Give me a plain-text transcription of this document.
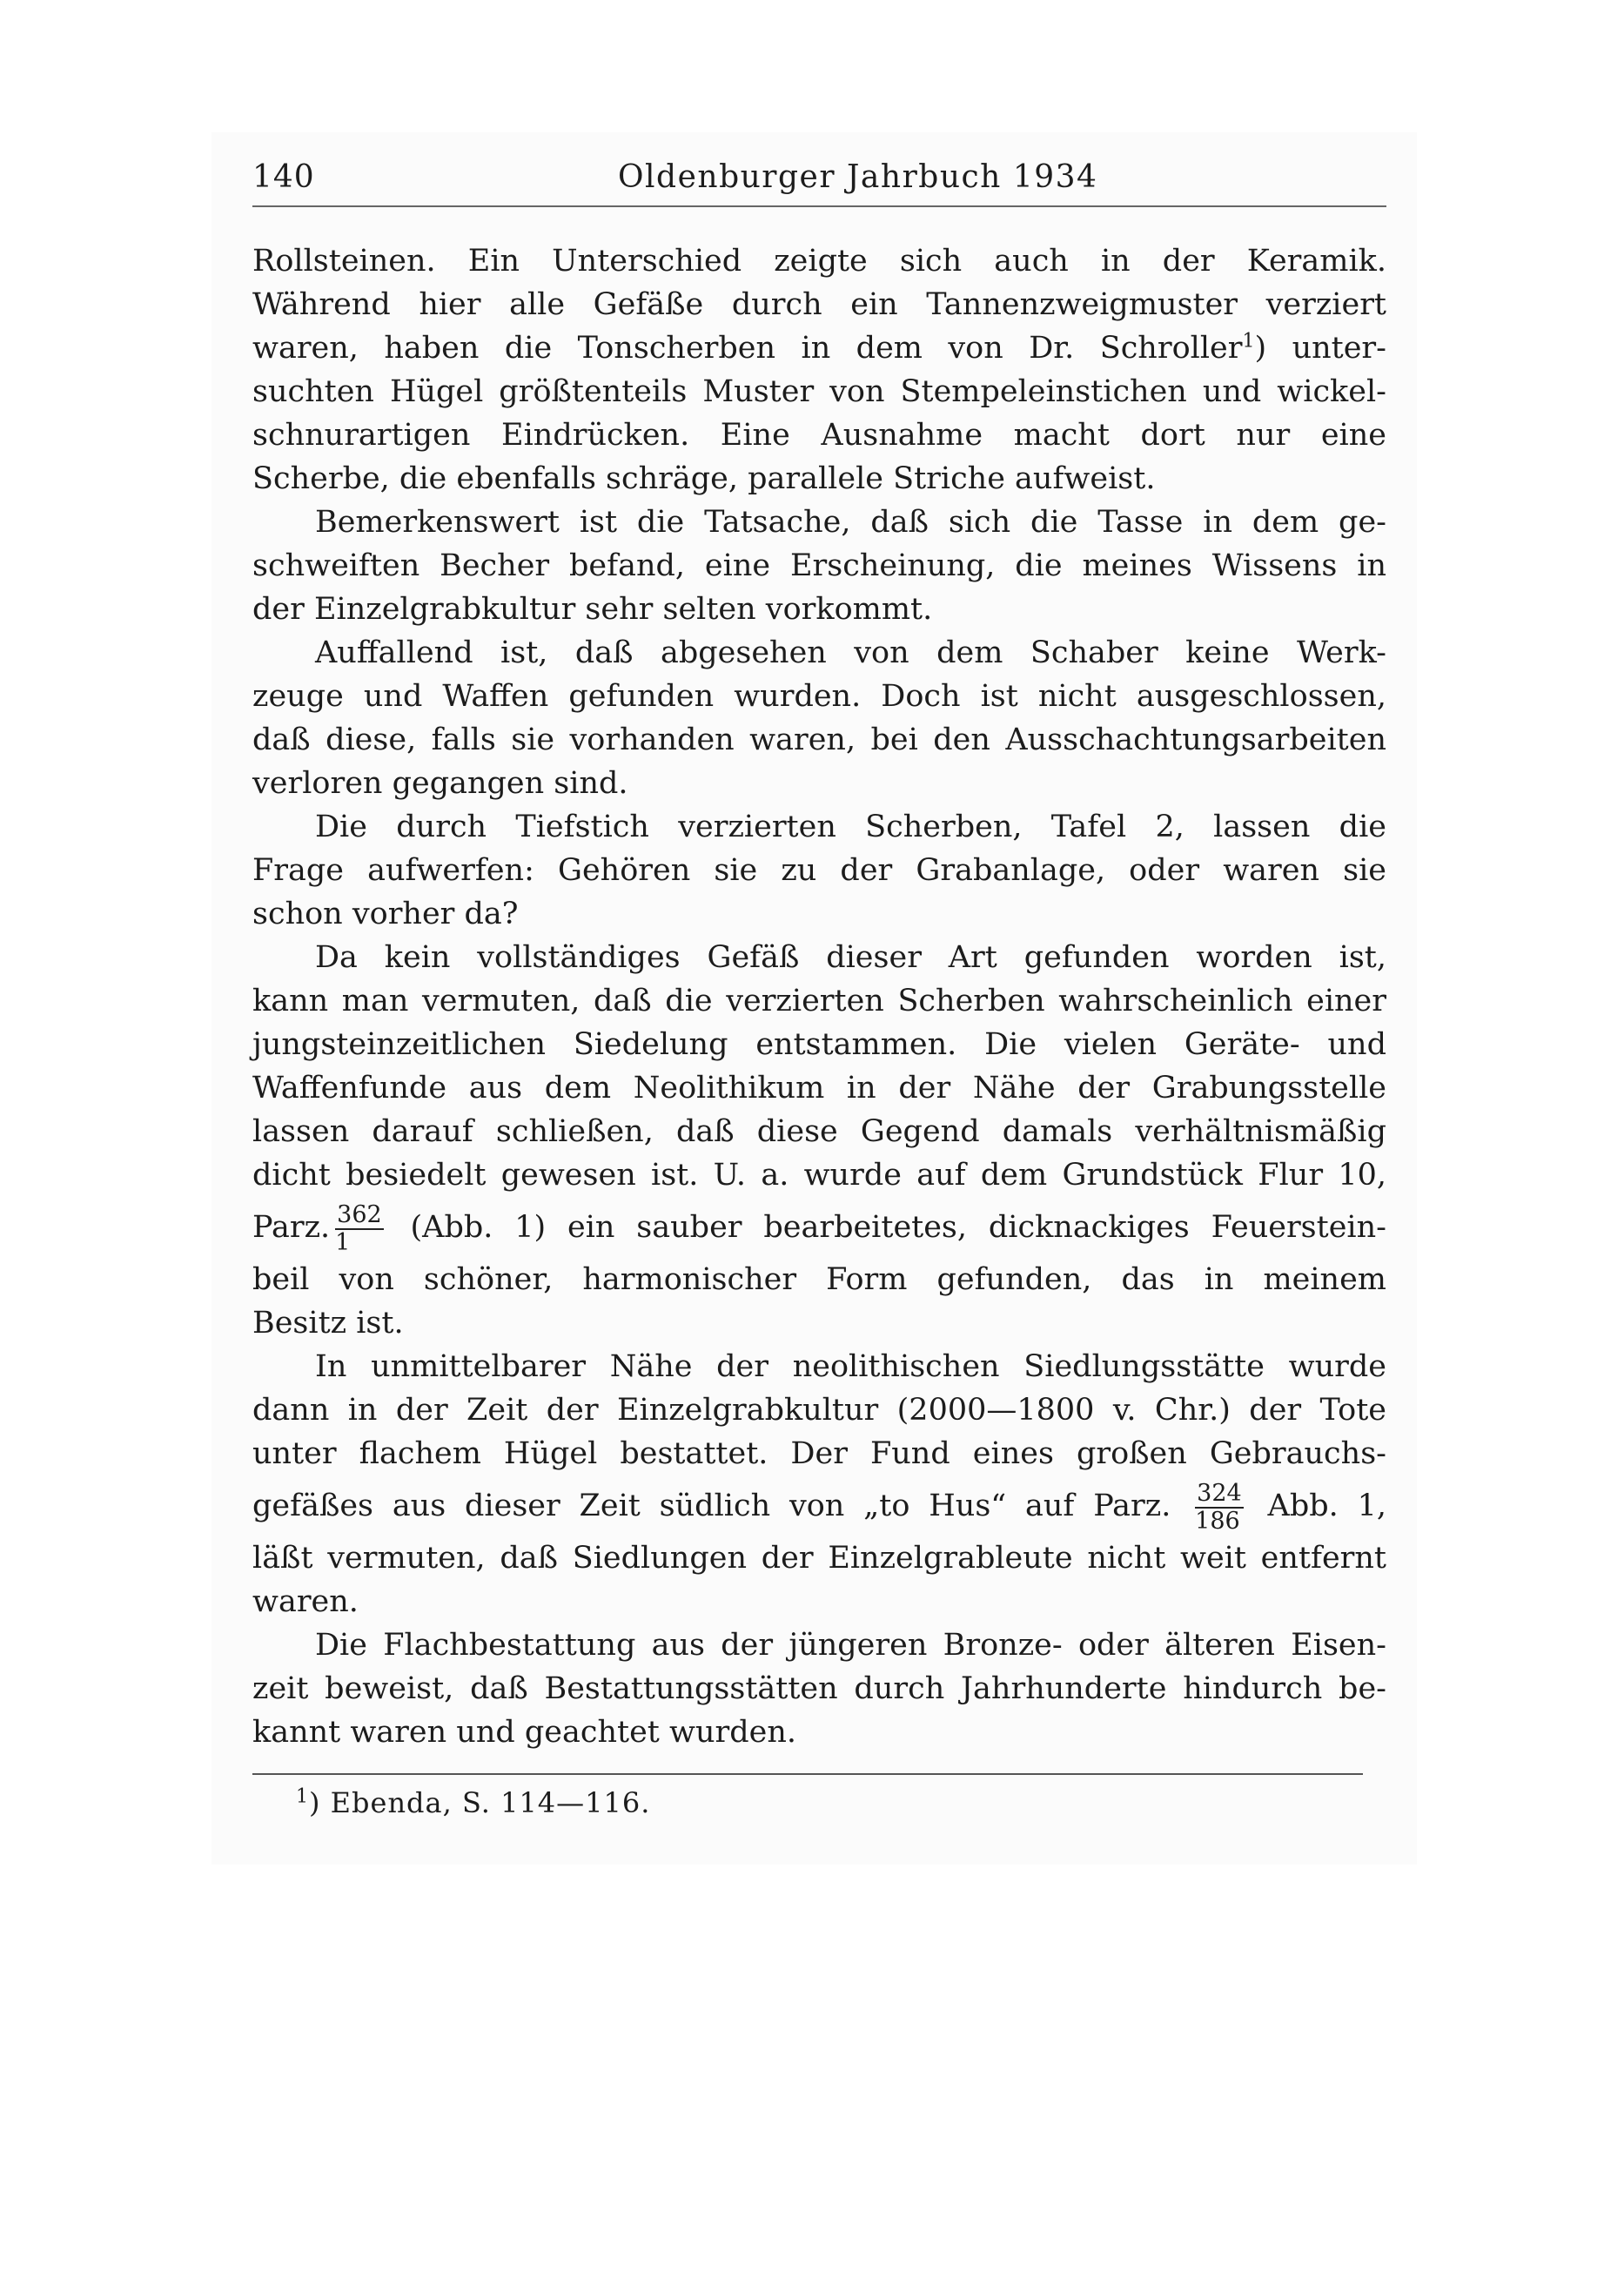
140	Oldenburger Jahrbuch 1934
Rollsteinen. Ein Unterschied zeigte sich auch in der Keramik.
Während hier alle Gefäße durch ein Tannenzweigmuster verziert
waren, haben die Tonscherben in dem von Dr. Schroller$^1$) unter-
suchten Hügel größtenteils Muster von Stempeleinstichen und wickel-
schnurartigen Eindrücken. Eine Ausnahme macht dort nur eine
Scherbe, die ebenfalls schräge, parallele Striche aufweist.
Bemerkenswert ist die Tatsache, daß sich die Tasse in dem ge-
schweiften Becher befand, eine Erscheinung, die meines Wissens in
der Einzelgrabkultur sehr selten vorkommt.
Auffallend ist, daß abgesehen von dem Schaber keine Werk-
zeuge und Waffen gefunden wurden. Doch ist nicht ausgeschlossen,
daß diese, falls sie vorhanden waren, bei den Ausschachtungsarbeiten
verloren gegangen sind.
Die durch Tiefstich verzierten Scherben, Tafel 2, lassen die
Frage aufwerfen: Gehören sie zu der Grabanlage, oder waren sie
schon vorher da?
Da kein vollständiges Gefäß dieser Art gefunden worden ist,
kann man vermuten, daß die verzierten Scherben wahrscheinlich einer
jungsteinzeitlichen Siedelung entstammen. Die vielen Geräte- und
Waffenfunde aus dem Neolithikum in der Nähe der Grabungsstelle
lassen darauf schließen, daß diese Gegend damals verhältnismäßig
dicht besiedelt gewesen ist. U. a. wurde auf dem Grundstück Flur 10,
Parz. $\frac{362}{1} (Abb$. 1) ein sauber bearbeitetes, dicknackiges Feuerstein-
beil von schöner, harmonischer Form gefunden, das in meinem
Besitz ist.
In unmittelbarer Nähe der neolithischen Siedlungsstätte wurde
dann in der Zeit der Einzelgrabkultur (2000—1800 v. Chr.) der Tote
unter flachem Hügel bestattet. Der Fund eines großen Gebrauchs-
gefäßes aus dieser Zeit südlich von „to Hus“ auf Parz. $\frac{324}{186}$ Abb. 1,
läßt vermuten, daß Siedlungen der Einzelgrableute nicht weit entfernt
waren.
Die Flachbestattung aus der jüngeren Bronze- oder älteren Eisen-
zeit beweist, daß Bestattungsstätten durch Jahrhunderte hindurch be-
kannt waren und geachtet wurden.
$^1$) Ebenda, S. 114—116.
